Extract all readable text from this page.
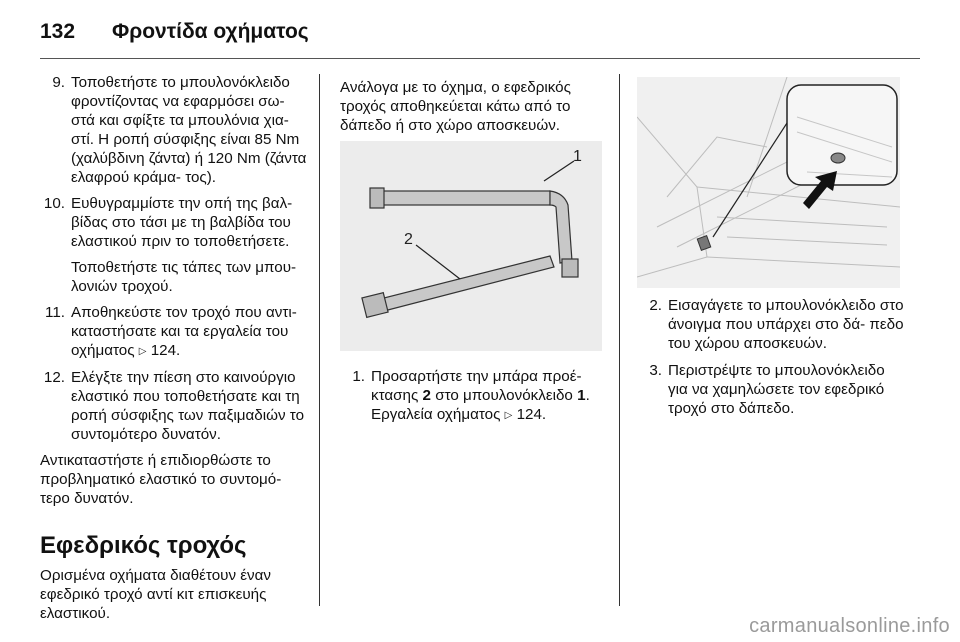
132 Φροντίδα οχήματος
9. Τοποθετήστε το μπουλονόκλειδο φροντίζοντας να εφαρμόσει σω- στά και σφίξτε τα μπουλόνια χια- στί. Η ροπή σύσφιξης είναι 85 Nm (χαλύβδινη ζάντα) ή 120 Nm (ζάντα ελαφρού κράμα- τος).

10. Ευθυγραμμίστε την οπή της βαλ- βίδας στο τάσι με τη βαλβίδα του ελαστικού πριν το τοποθετήσετε.

Τοποθετήστε τις τάπες των μπου- λονιών τροχού.

11. Αποθηκεύστε τον τροχό που αντι- καταστήσατε και τα εργαλεία του οχήματος ▷ 124.

12. Ελέγξτε την πίεση στο καινούργιο ελαστικό που τοποθετήσατε και τη ροπή σύσφιξης των παξιμαδιών το συντομότερο δυνατόν.

Αντικαταστήστε ή επιδιορθώστε το προβληματικό ελαστικό το συντομό- τερο δυνατόν.

Εφεδρικός τροχός

Ορισμένα οχήματα διαθέτουν έναν εφεδρικό τροχό αντί κιτ επισκευής ελαστικού.

Ανάλογα με το όχημα, ο εφεδρικός τροχός αποθηκεύεται κάτω από το δάπεδο ή στο χώρο αποσκευών.

1
2
1. Προσαρτήστε την μπάρα προέ- κτασης 2 στο μπουλονόκλειδο 1. Εργαλεία οχήματος ▷ 124.

2. Εισαγάγετε το μπουλονόκλειδο στο άνοιγμα που υπάρχει στο δά- πεδο του χώρου αποσκευών.

3. Περιστρέψτε το μπουλονόκλειδο για να χαμηλώσετε τον εφεδρικό τροχό στο δάπεδο.

carmanualsonline.info
